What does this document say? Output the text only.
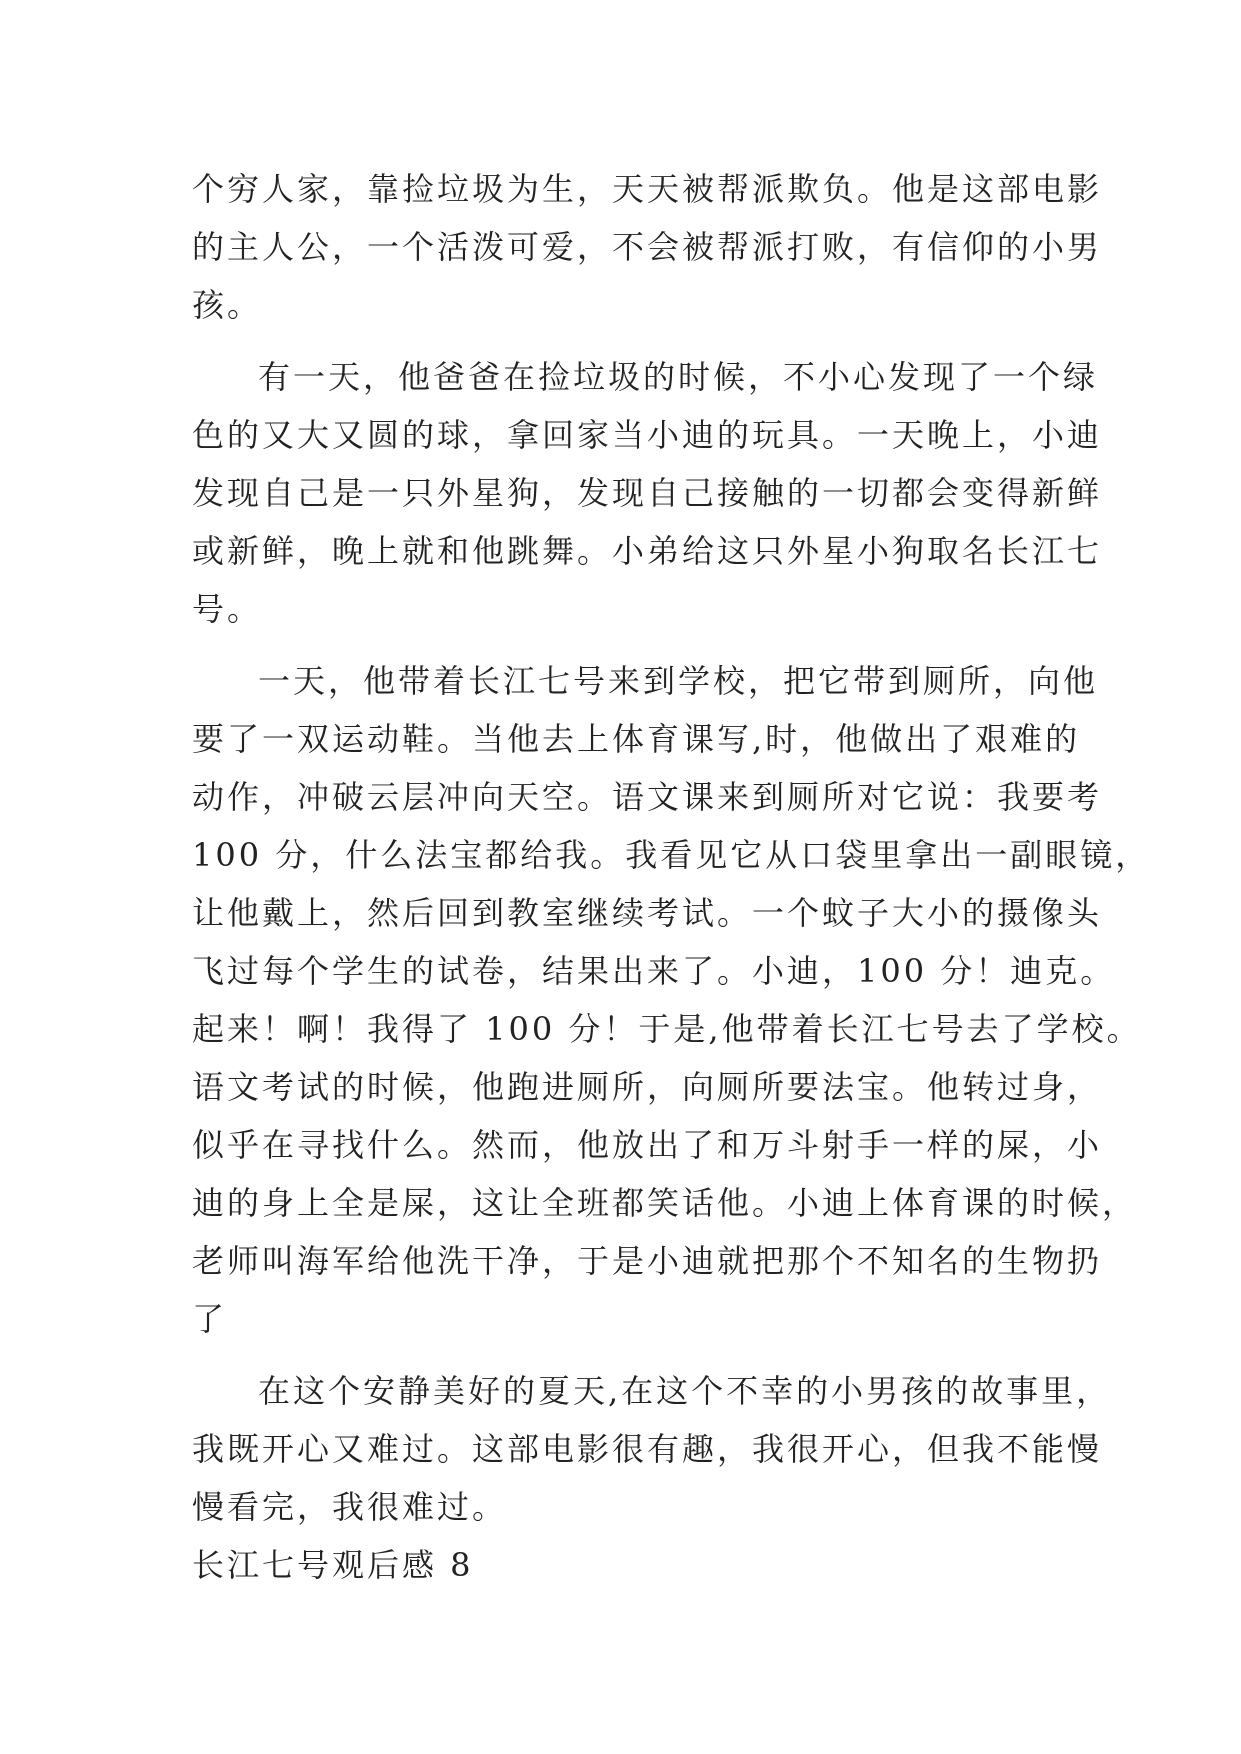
个穷人家，靠捡垃圾为生，天天被帮派欺负。他是这部电影
的主人公，一个活泼可爱，不会被帮派打败，有信仰的小男
孩。
有一天，他爸爸在捡垃圾的时候，不小心发现了一个绿
色的又大又圆的球，拿回家当小迪的玩具。一天晚上，小迪
发现自己是一只外星狗，发现自己接触的一切都会变得新鲜
或新鲜，晚上就和他跳舞。小弟给这只外星小狗取名长江七
号。
一天，他带着长江七号来到学校，把它带到厕所，向他
要了一双运动鞋。当他去上体育课写,时，他做出了艰难的
动作，冲破云层冲向天空。语文课来到厕所对它说：我要考
100 分，什么法宝都给我。我看见它从口袋里拿出一副眼镜，
让他戴上，然后回到教室继续考试。一个蚊子大小的摄像头
飞过每个学生的试卷，结果出来了。小迪，100 分！迪克。
起来！啊！我得了 100 分！于是,他带着长江七号去了学校。
语文考试的时候，他跑进厕所，向厕所要法宝。他转过身，
似乎在寻找什么。然而，他放出了和万斗射手一样的屎，小
迪的身上全是屎，这让全班都笑话他。小迪上体育课的时候，
老师叫海军给他洗干净，于是小迪就把那个不知名的生物扔
了
在这个安静美好的夏天,在这个不幸的小男孩的故事里，
我既开心又难过。这部电影很有趣，我很开心，但我不能慢
慢看完，我很难过。
长江七号观后感 8
